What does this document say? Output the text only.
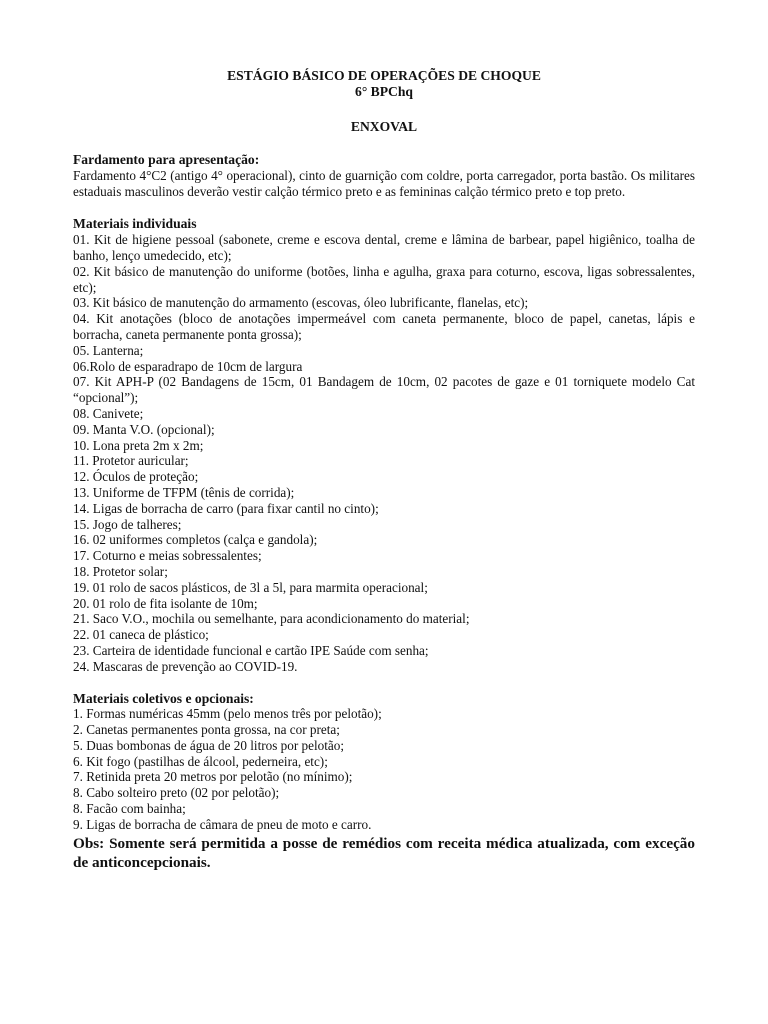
ESTÁGIO BÁSICO DE OPERAÇÕES DE CHOQUE
6° BPChq
ENXOVAL
Fardamento para apresentação:
Fardamento 4°C2 (antigo 4° operacional), cinto de guarnição com coldre, porta carregador, porta bastão. Os militares estaduais masculinos deverão vestir calção térmico preto e as femininas calção térmico preto e top preto.
Materiais individuais
01. Kit de higiene pessoal (sabonete, creme e escova dental, creme e lâmina de barbear, papel higiênico, toalha de banho, lenço umedecido, etc);
02. Kit básico de manutenção do uniforme (botões, linha e agulha, graxa para coturno, escova, ligas sobressalentes, etc);
03. Kit básico de manutenção do armamento (escovas, óleo lubrificante, flanelas, etc);
04. Kit anotações (bloco de anotações impermeável com caneta permanente, bloco de papel, canetas, lápis e borracha, caneta permanente ponta grossa);
05. Lanterna;
06.Rolo de esparadrapo de 10cm de largura
07. Kit APH-P (02 Bandagens de 15cm, 01 Bandagem de 10cm, 02 pacotes de gaze e 01 torniquete modelo Cat “opcional”);
08. Canivete;
09. Manta V.O. (opcional);
10. Lona preta 2m x 2m;
11. Protetor auricular;
12. Óculos de proteção;
13. Uniforme de TFPM (tênis de corrida);
14. Ligas de borracha de carro (para fixar cantil no cinto);
15. Jogo de talheres;
16. 02 uniformes completos (calça e gandola);
17. Coturno e meias sobressalentes;
18. Protetor solar;
19. 01 rolo de sacos plásticos, de 3l a 5l, para marmita operacional;
20. 01 rolo de fita isolante de 10m;
21. Saco V.O., mochila ou semelhante, para acondicionamento do material;
22. 01 caneca de plástico;
23. Carteira de identidade funcional e cartão IPE Saúde com senha;
24. Mascaras de prevenção ao COVID-19.
Materiais coletivos e opcionais:
1. Formas numéricas 45mm (pelo menos três por pelotão);
2. Canetas permanentes ponta grossa, na cor preta;
5. Duas bombonas de água de 20 litros por pelotão;
6. Kit fogo (pastilhas de álcool, pederneira, etc);
7. Retinida preta 20 metros por pelotão (no mínimo);
8. Cabo solteiro preto (02 por pelotão);
8. Facão com bainha;
9. Ligas de borracha de câmara de pneu de moto e carro.
Obs: Somente será permitida a posse de remédios com receita médica atualizada, com exceção de anticoncepcionais.
